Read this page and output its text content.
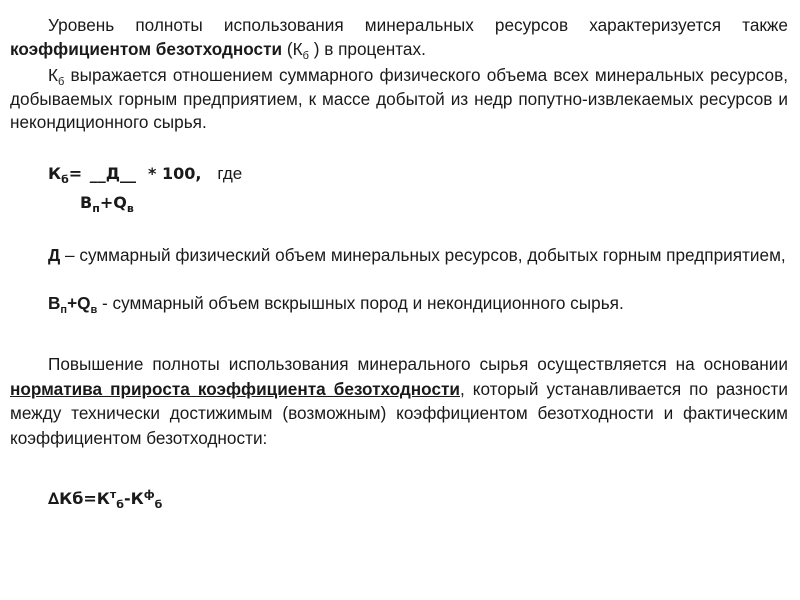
Уровень полноты использования минеральных ресурсов характеризуется также коэффициентом безотходности ($К_б$ ) в процентах.

$К_б$ выражается отношением суммарного физического объема всех минеральных ресурсов, добываемых горным предприятием, к массе добытой из недр попутно-извлекаемых ресурсов и некондиционного сырья.

$К_б=$ __Д__ * 100, где
$В_п+Q_в$

Д – суммарный физический объем минеральных ресурсов, добытых горным предприятием,

$В_п+Q_в$ - суммарный объем вскрышных пород и некондиционного сырья.

Повышение полноты использования минерального сырья осуществляется на основании норматива прироста коэффициента безотходности, который устанавливается по разности между технически достижимым (возможным) коэффициентом безотходности и фактическим коэффициентом безотходности:

$\Delta Кб=К^т_б-К^ф_б$
